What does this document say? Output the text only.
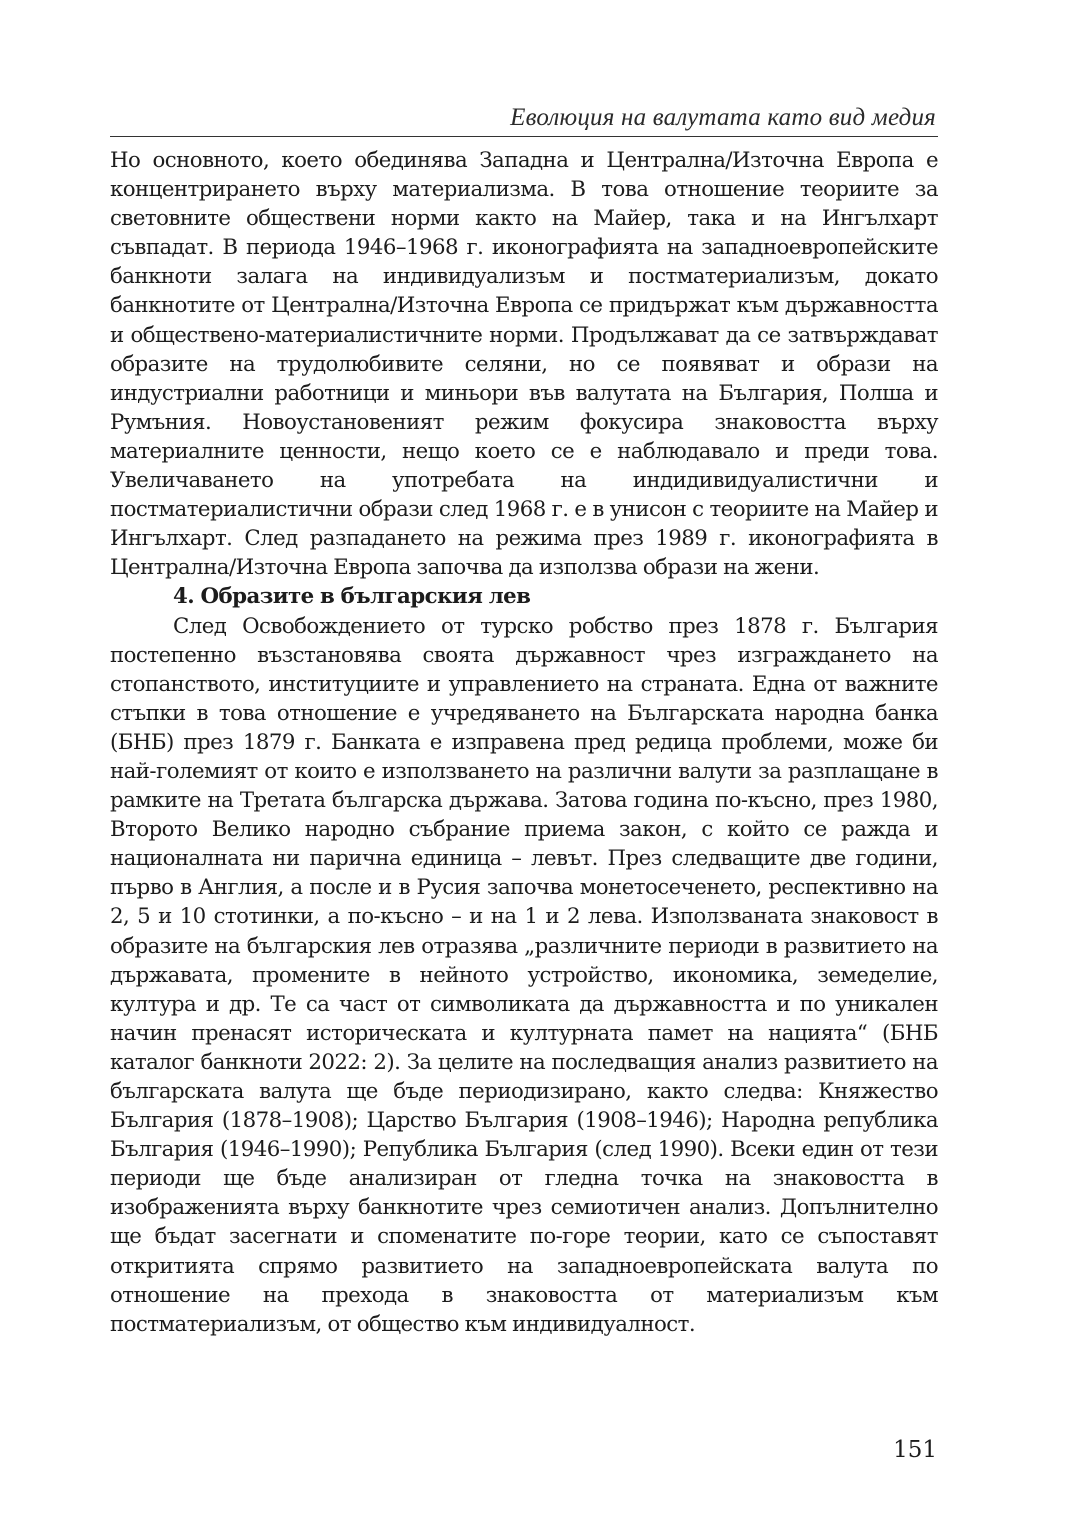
Еволюция на валутата като вид медия

Но основното, което обединява Западна и Централна/Източна Европа е концентрирането върху материализма. В това отношение теориите за световните обществени норми както на Майер, така и на Ингълхарт съвпадат. В периода 1946–1968 г. иконографията на западноевропейските банкноти залага на индивидуализъм и постматериализъм, докато банкнотите от Централна/Източна Европа се придържат към държавността и обществено-материалистичните норми. Продължават да се затвърждават образите на трудолюбивите селяни, но се появяват и образи на индустриални работници и миньори във валутата на България, Полша и Румъния. Новоустановеният режим фокусира знаковостта върху материалните ценности, нещо което се е наблюдавало и преди това. Увеличаването на употребата на индидивидуалистични и постматериалистични образи след 1968 г. е в унисон с теориите на Майер и Ингълхарт. След разпадането на режима през 1989 г. иконографията в Централна/Източна Европа започва да използва образи на жени.

4. Образите в българския лев

След Освобождението от турско робство през 1878 г. България постепенно възстановява своята държавност чрез изграждането на стопанството, институциите и управлението на страната. Една от важните стъпки в това отношение е учредяването на Българската народна банка (БНБ) през 1879 г. Банката е изправена пред редица проблеми, може би най-големият от които е използването на различни валути за разплащане в рамките на Третата българска държава. Затова година по-късно, през 1980, Второто Велико народно събрание приема закон, с който се ражда и националната ни парична единица – левът. През следващите две години, първо в Англия, а после и в Русия започва монетосеченето, респективно на 2, 5 и 10 стотинки, а по-късно – и на 1 и 2 лева. Използваната знаковост в образите на българския лев отразява „различните периоди в развитието на държавата, промените в нейното устройство, икономика, земеделие, култура и др. Те са част от символиката да държавността и по уникален начин пренасят историческата и културната памет на нацията“ (БНБ каталог банкноти 2022: 2). За целите на последващия анализ развитието на българската валута ще бъде периодизирано, както следва: Княжество България (1878–1908); Царство България (1908–1946); Народна република България (1946–1990); Република България (след 1990). Всеки един от тези периоди ще бъде анализиран от гледна точка на знаковостта в изображенията върху банкнотите чрез семиотичен анализ. Допълнително ще бъдат засегнати и споменатите по-горе теории, като се съпоставят откритията спрямо развитието на западноевропейската валута по отношение на прехода в знаковостта от материализъм към постматериализъм, от общество към индивидуалност.

151
